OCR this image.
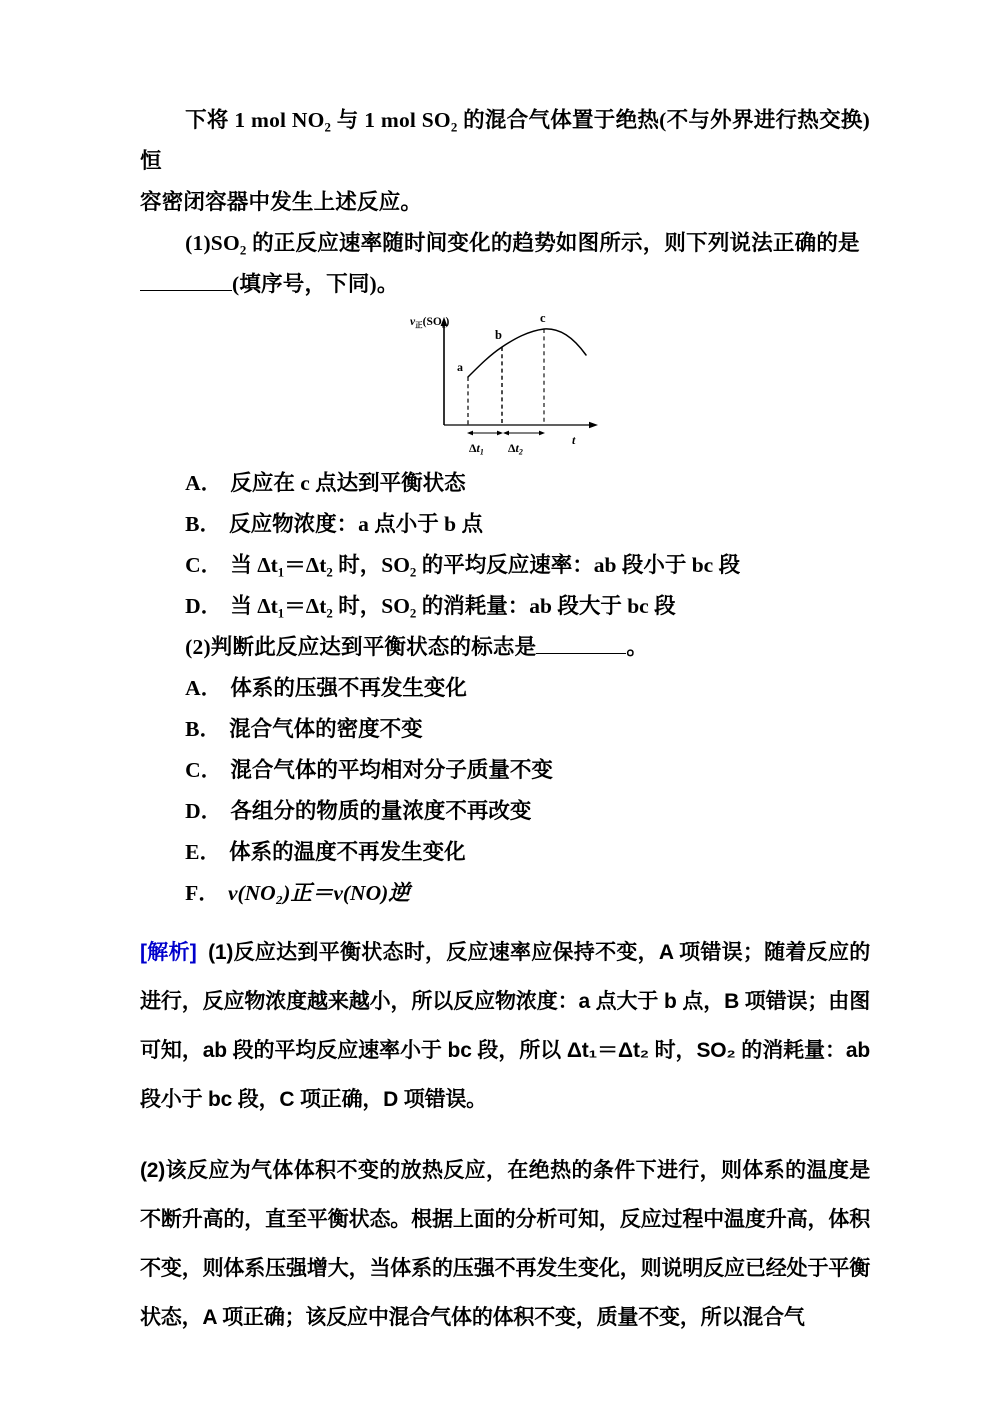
下将 1 mol NO₂ 与 1 mol SO₂ 的混合气体置于绝热(不与外界进行热交换)恒

容密闭容器中发生上述反应。

(1)SO₂ 的正反应速率随时间变化的趋势如图所示，则下列说法正确的是

(填序号，下同)。

a
b
c
$v_正(SO_2)$
t
$\Delta t_1$ $\Delta t_2$

A． 反应在 c 点达到平衡状态

B． 反应物浓度：a 点小于 b 点

C． 当 Δt₁＝Δt₂ 时，SO₂ 的平均反应速率：ab 段小于 bc 段

D． 当 Δt₁＝Δt₂ 时，SO₂ 的消耗量：ab 段大于 bc 段

(2)判断此反应达到平衡状态的标志是	。

A． 体系的压强不再发生变化

B． 混合气体的密度不变

C． 混合气体的平均相对分子质量不变

D． 各组分的物质的量浓度不再改变

E． 体系的温度不再发生变化

F． v(NO₂)正＝v(NO)逆

[解析] (1)反应达到平衡状态时，反应速率应保持不变，A 项错误；随着反应的进行，反应物浓度越来越小，所以反应物浓度：a 点大于 b 点，B 项错误；由图可知，ab 段的平均反应速率小于 bc 段，所以 Δt₁＝Δt₂ 时，SO₂ 的消耗量：ab 段小于 bc 段，C 项正确，D 项错误。

(2)该反应为气体体积不变的放热反应，在绝热的条件下进行，则体系的温度是不断升高的，直至平衡状态。根据上面的分析可知，反应过程中温度升高，体积不变，则体系压强增大，当体系的压强不再发生变化，则说明反应已经处于平衡状态，A 项正确；该反应中混合气体的体积不变，质量不变，所以混合气
